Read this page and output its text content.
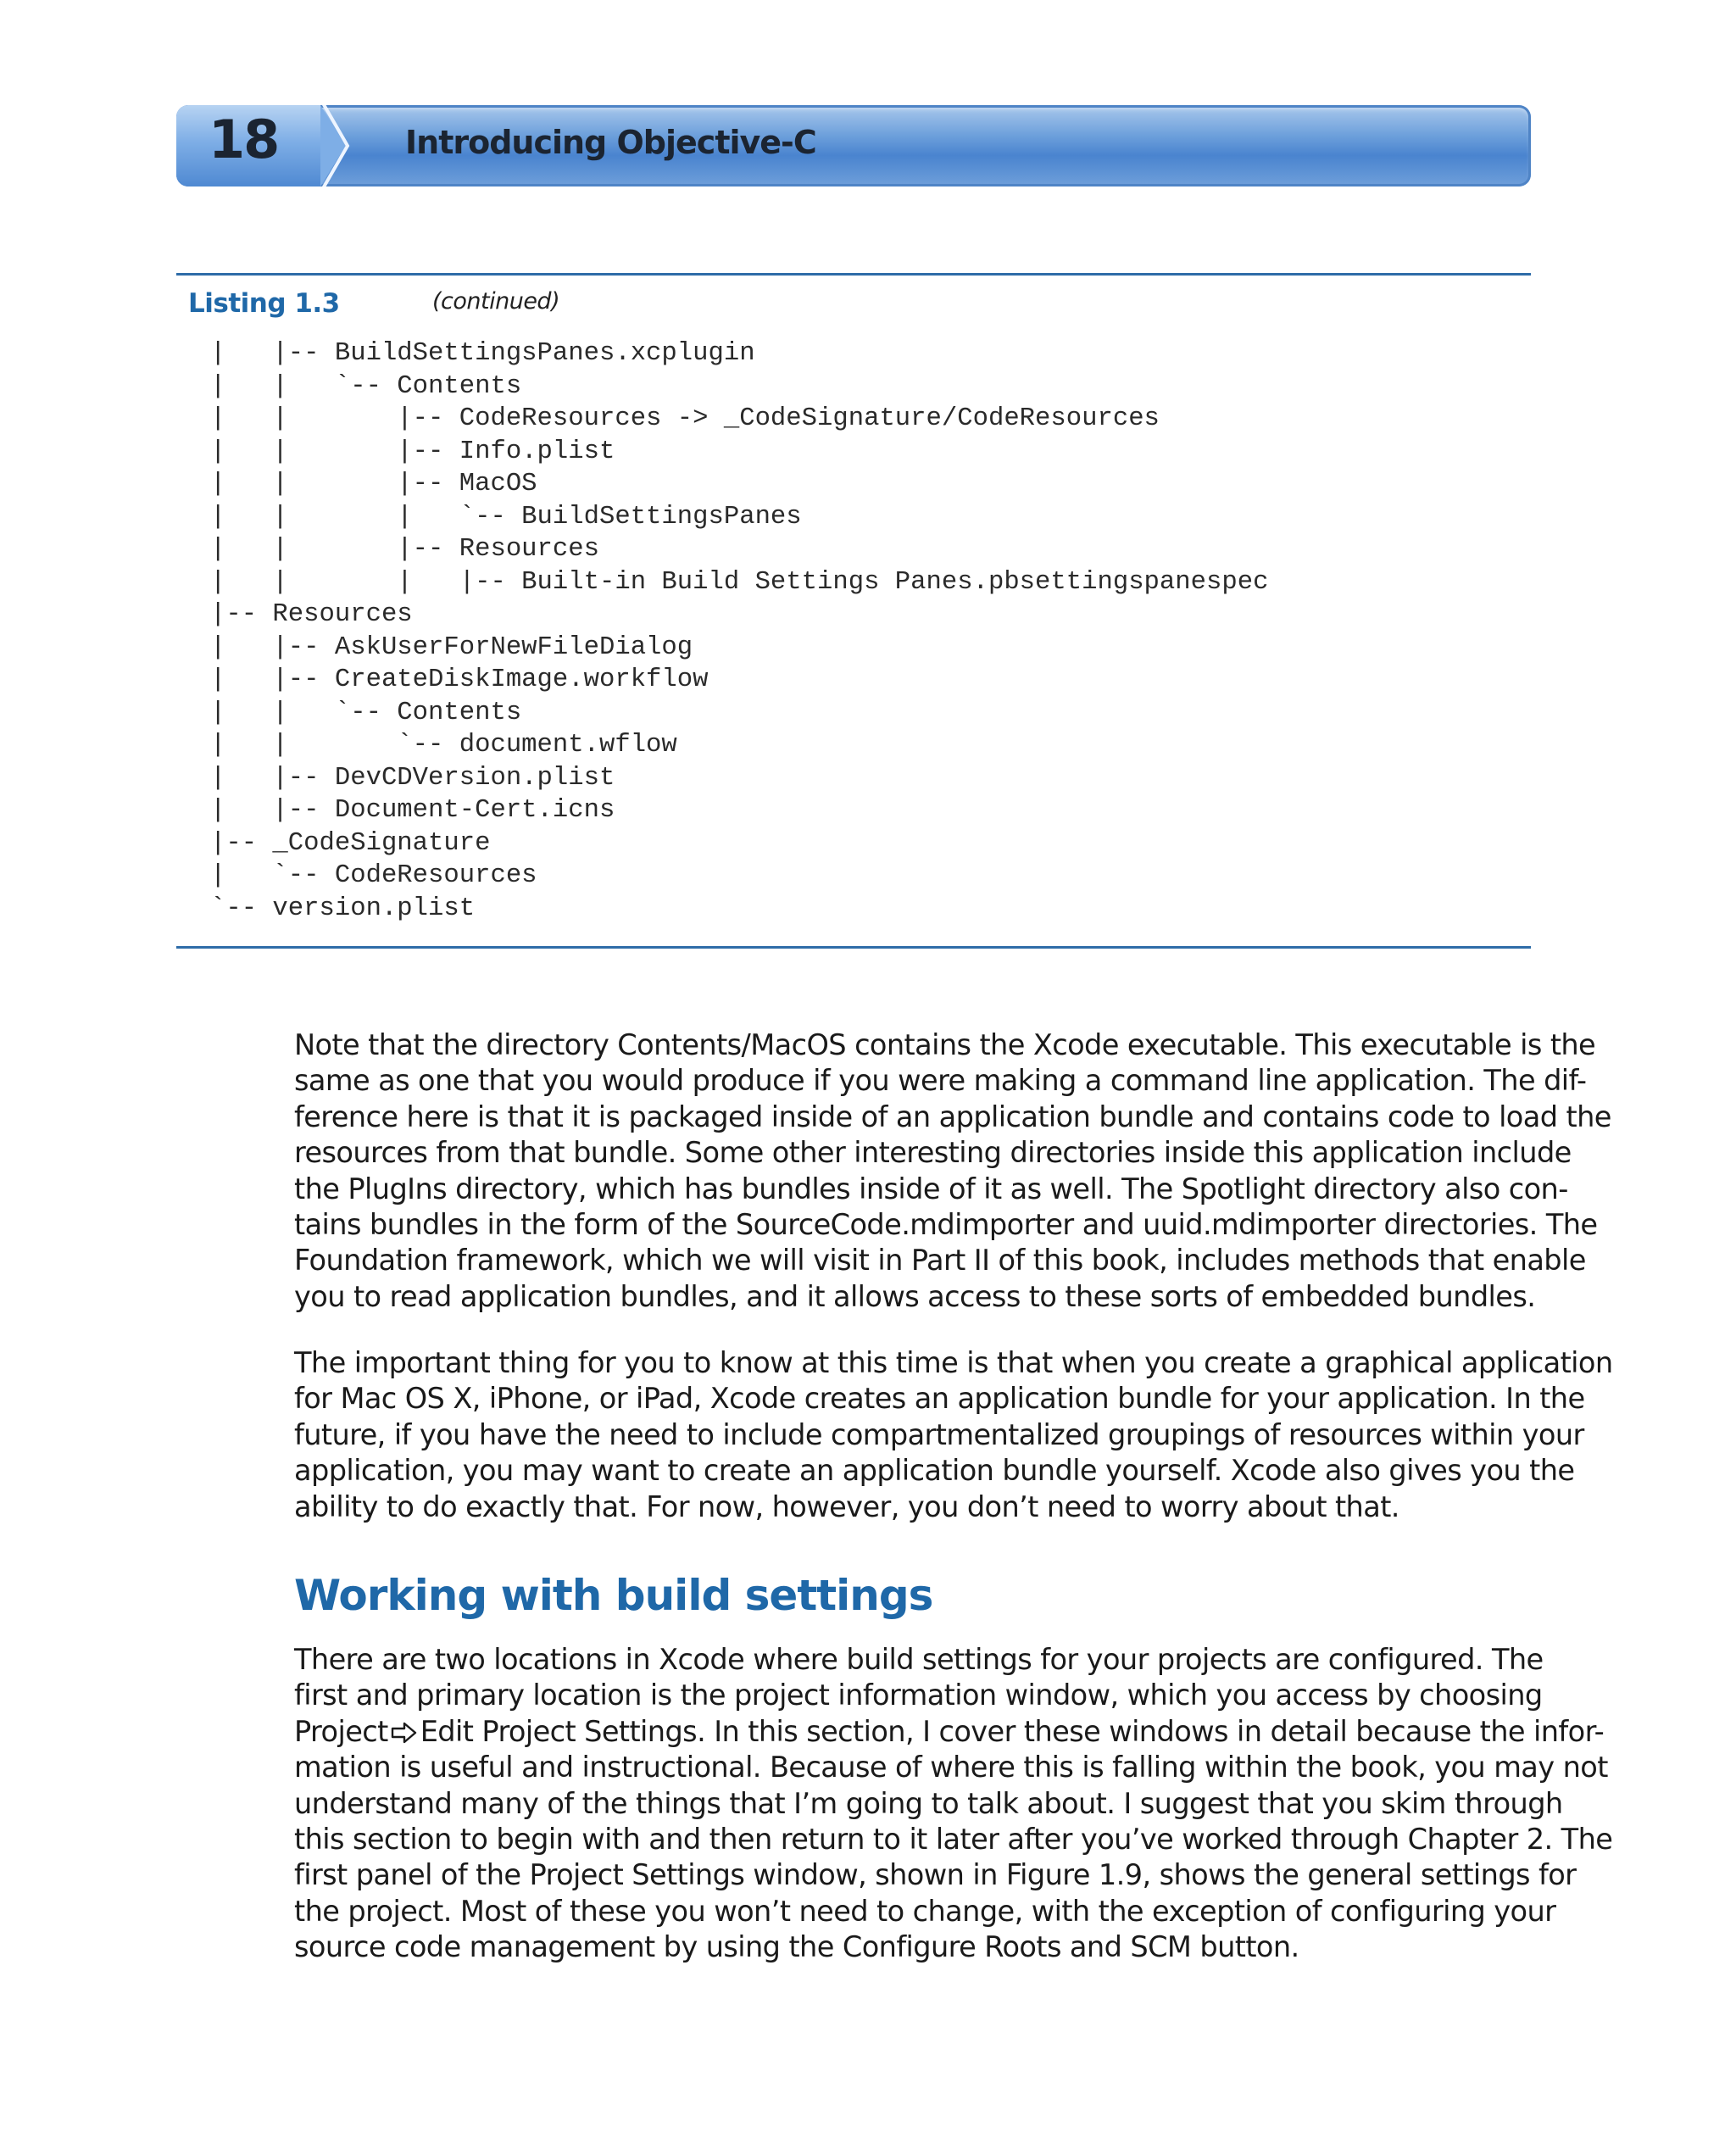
18	Introducing Objective-C
Listing 1.3	(continued)
|   |-- BuildSettingsPanes.xcplugin
|   |   `-- Contents
|   |       |-- CodeResources -> _CodeSignature/CodeResources
|   |       |-- Info.plist
|   |       |-- MacOS
|   |       |   `-- BuildSettingsPanes
|   |       |-- Resources
|   |       |   |-- Built-in Build Settings Panes.pbsettingspanespec
|-- Resources
|   |-- AskUserForNewFileDialog
|   |-- CreateDiskImage.workflow
|   |   `-- Contents
|   |       `-- document.wflow
|   |-- DevCDVersion.plist
|   |-- Document-Cert.icns
|-- _CodeSignature
|   `-- CodeResources
`-- version.plist
Note that the directory Contents/MacOS contains the Xcode executable. This executable is the
same as one that you would produce if you were making a command line application. The dif-
ference here is that it is packaged inside of an application bundle and contains code to load the
resources from that bundle. Some other interesting directories inside this application include
the PlugIns directory, which has bundles inside of it as well. The Spotlight directory also con-
tains bundles in the form of the SourceCode.mdimporter and uuid.mdimporter directories. The
Foundation framework, which we will visit in Part II of this book, includes methods that enable
you to read application bundles, and it allows access to these sorts of embedded bundles.
The important thing for you to know at this time is that when you create a graphical application
for Mac OS X, iPhone, or iPad, Xcode creates an application bundle for your application. In the
future, if you have the need to include compartmentalized groupings of resources within your
application, you may want to create an application bundle yourself. Xcode also gives you the
ability to do exactly that. For now, however, you don’t need to worry about that.
Working with build settings
There are two locations in Xcode where build settings for your projects are configured. The
first and primary location is the project information window, which you access by choosing
Project Edit Project Settings. In this section, I cover these windows in detail because the infor-
mation is useful and instructional. Because of where this is falling within the book, you may not
understand many of the things that I’m going to talk about. I suggest that you skim through
this section to begin with and then return to it later after you’ve worked through Chapter 2. The
first panel of the Project Settings window, shown in Figure 1.9, shows the general settings for
the project. Most of these you won’t need to change, with the exception of configuring your
source code management by using the Configure Roots and SCM button.
